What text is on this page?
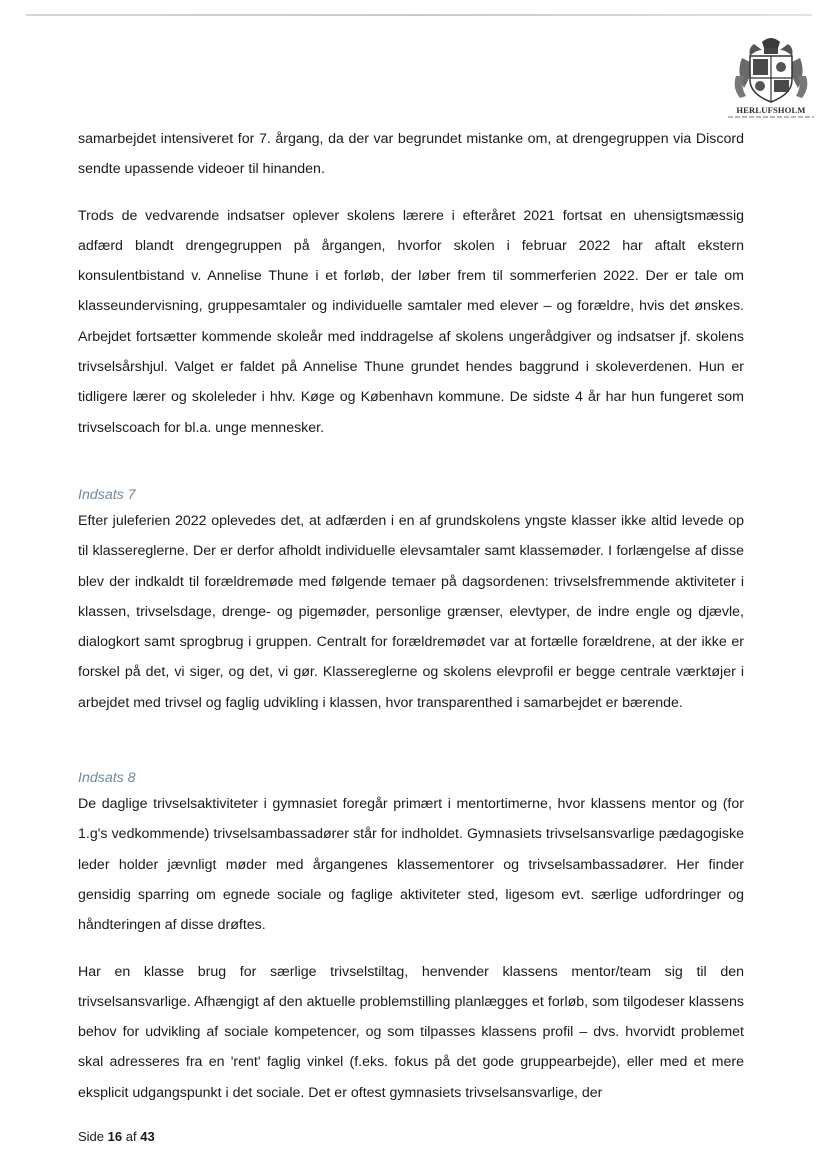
HERLUFSHOLM

samarbejdet intensiveret for 7. årgang, da der var begrundet mistanke om, at drengegruppen via Discord sendte upassende videoer til hinanden.

Trods de vedvarende indsatser oplever skolens lærere i efteråret 2021 fortsat en uhensigtsmæssig adfærd blandt drengegruppen på årgangen, hvorfor skolen i februar 2022 har aftalt ekstern konsulentbistand v. Annelise Thune i et forløb, der løber frem til sommerferien 2022. Der er tale om klasseundervisning, gruppesamtaler og individuelle samtaler med elever – og forældre, hvis det ønskes. Arbejdet fortsætter kommende skoleår med inddragelse af skolens ungerådgiver og indsatser jf. skolens trivselsårshjul. Valget er faldet på Annelise Thune grundet hendes baggrund i skoleverdenen. Hun er tidligere lærer og skoleleder i hhv. Køge og København kommune. De sidste 4 år har hun fungeret som trivselscoach for bl.a. unge mennesker.

Indsats 7

Efter juleferien 2022 oplevedes det, at adfærden i en af grundskolens yngste klasser ikke altid levede op til klassereglerne. Der er derfor afholdt individuelle elevsamtaler samt klassemøder. I forlængelse af disse blev der indkaldt til forældremøde med følgende temaer på dagsordenen: trivselsfremmende aktiviteter i klassen, trivselsdage, drenge- og pigemøder, personlige grænser, elevtyper, de indre engle og djævle, dialogkort samt sprogbrug i gruppen. Centralt for forældremødet var at fortælle forældrene, at der ikke er forskel på det, vi siger, og det, vi gør. Klassereglerne og skolens elevprofil er begge centrale værktøjer i arbejdet med trivsel og faglig udvikling i klassen, hvor transparenthed i samarbejdet er bærende.

Indsats 8

De daglige trivselsaktiviteter i gymnasiet foregår primært i mentortimerne, hvor klassens mentor og (for 1.g's vedkommende) trivselsambassadører står for indholdet. Gymnasiets trivselsansvarlige pædagogiske leder holder jævnligt møder med årgangenes klassementorer og trivselsambassadører. Her finder gensidig sparring om egnede sociale og faglige aktiviteter sted, ligesom evt. særlige udfordringer og håndteringen af disse drøftes.

Har en klasse brug for særlige trivselstiltag, henvender klassens mentor/team sig til den trivselsansvarlige. Afhængigt af den aktuelle problemstilling planlægges et forløb, som tilgodeser klassens behov for udvikling af sociale kompetencer, og som tilpasses klassens profil – dvs. hvorvidt problemet skal adresseres fra en 'rent' faglig vinkel (f.eks. fokus på det gode gruppearbejde), eller med et mere eksplicit udgangspunkt i det sociale. Det er oftest gymnasiets trivselsansvarlige, der

Side 16 af 43
